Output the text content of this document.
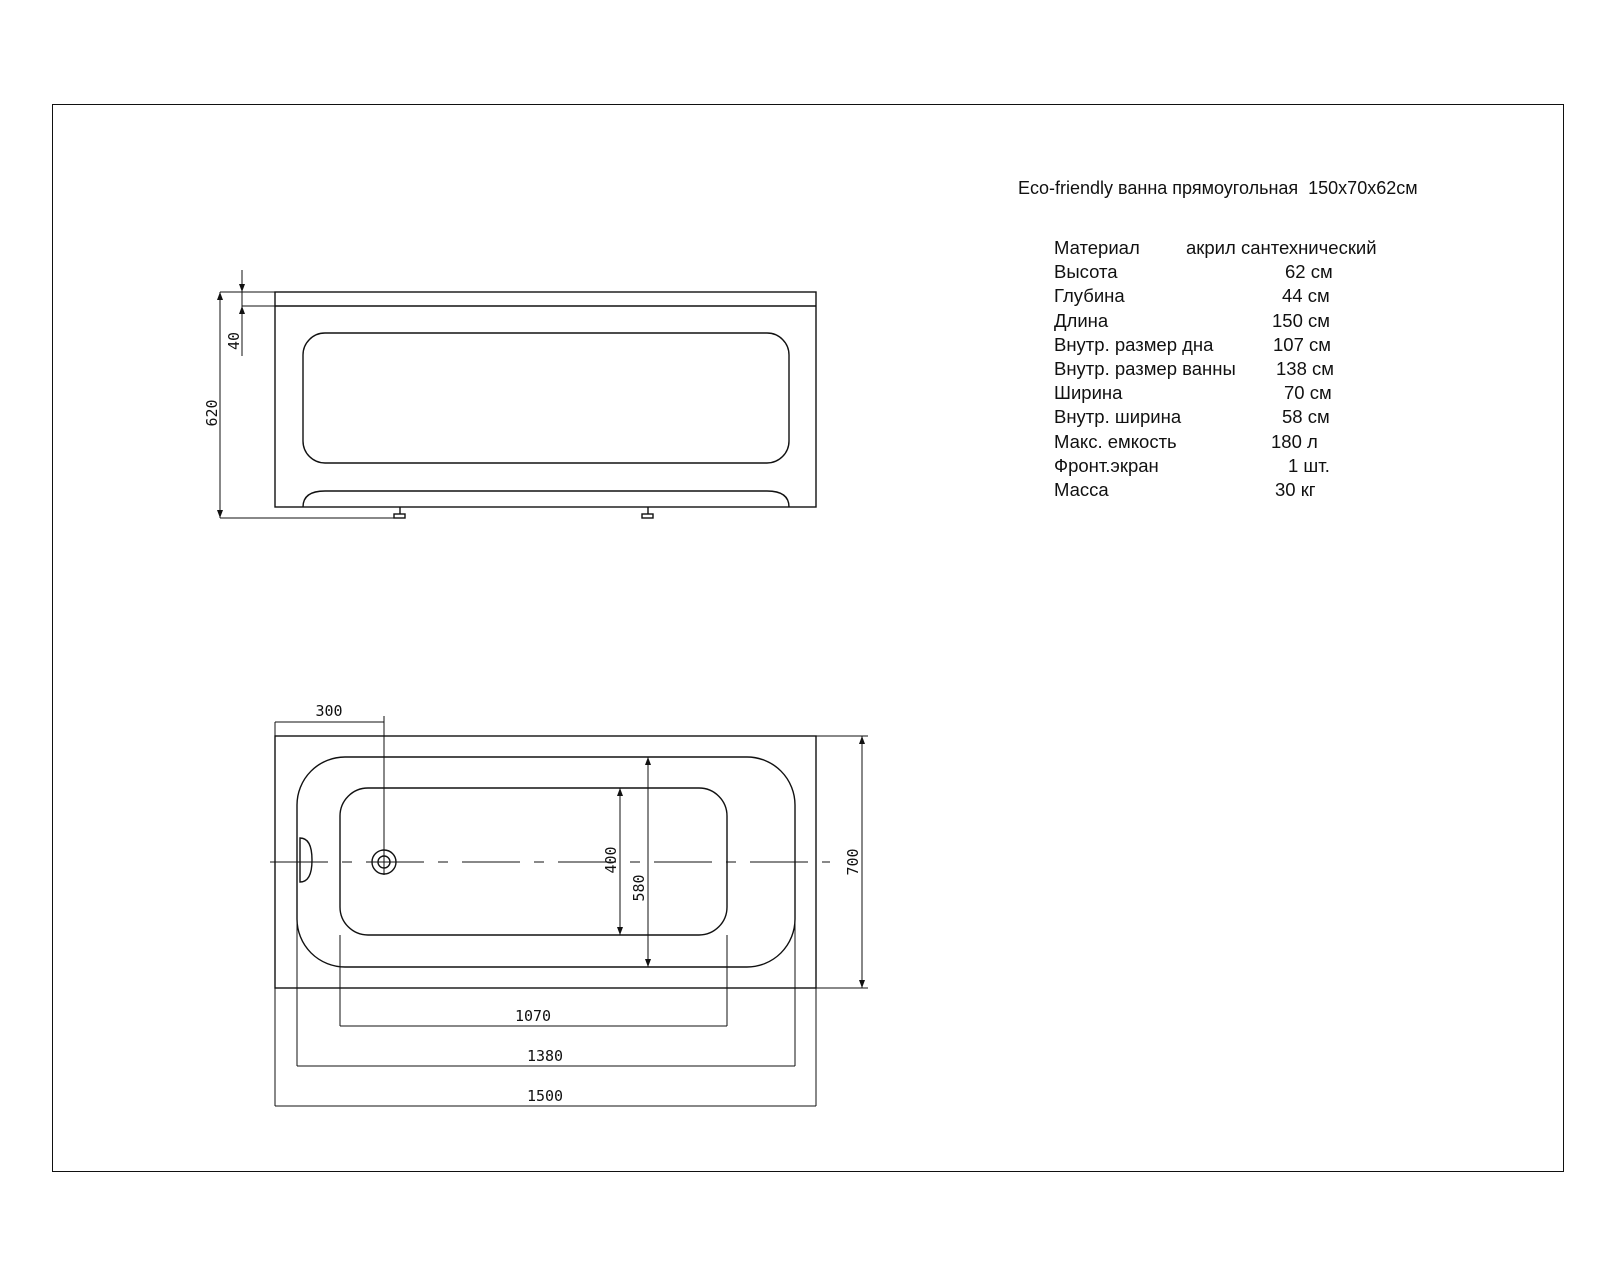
620
40
300
1070
1380
1500
400
580
700
Eco-friendly ванна прямоугольная  150x70x62см
Материал акрил сантехнический
Высота	62 см
Глубина	44 см
Длина	150 см
Внутр. размер дна	107 см
Внутр. размер ванны 138 см
Ширина	70 см
Внутр. ширина	58 см
Макс. емкость	180 л
Фронт.экран	1 шт.
Масса	30 кг
